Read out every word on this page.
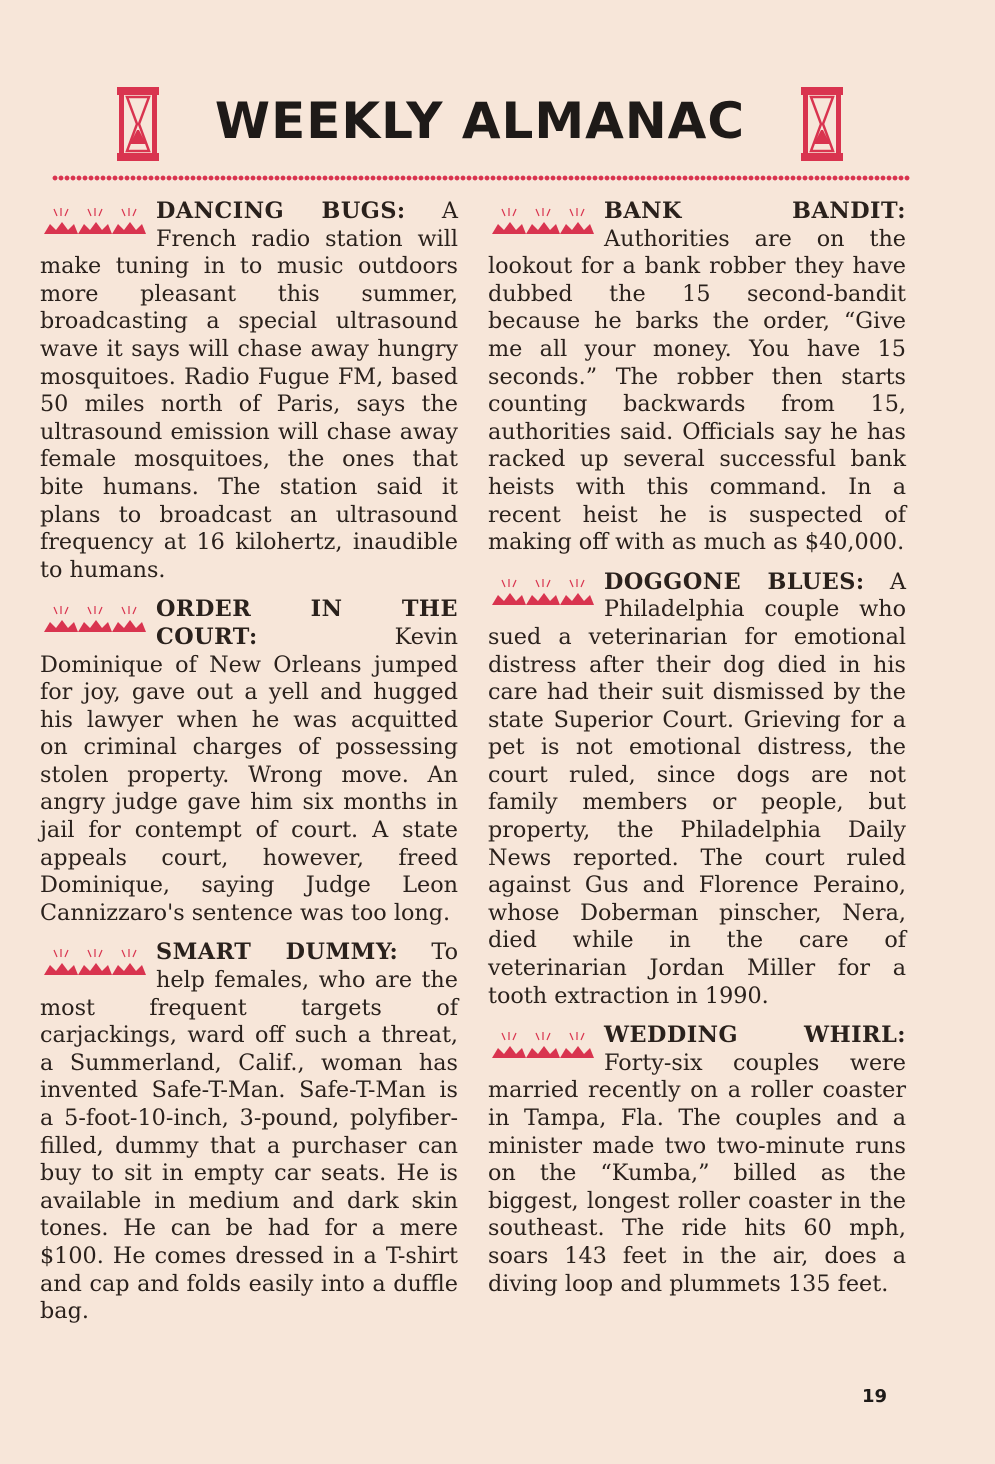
WEEKLY ALMANAC

DANCING BUGS: A French radio station will make tuning in to music outdoors more pleasant this summer, broadcasting a special ultrasound wave it says will chase away hungry mosquitoes. Radio Fugue FM, based 50 miles north of Paris, says the ultrasound emission will chase away female mosquitoes, the ones that bite humans. The station said it plans to broadcast an ultrasound frequency at 16 kilohertz, inaudible to humans.

ORDER IN THE COURT: Kevin Dominique of New Orleans jumped for joy, gave out a yell and hugged his lawyer when he was acquitted on criminal charges of possessing stolen property. Wrong move. An angry judge gave him six months in jail for contempt of court. A state appeals court, however, freed Dominique, saying Judge Leon Cannizzaro's sentence was too long.

SMART DUMMY: To help females, who are the most frequent targets of carjackings, ward off such a threat, a Summerland, Calif., woman has invented Safe-T-Man. Safe-T-Man is a 5-foot-10-inch, 3-pound, polyfiber-filled, dummy that a purchaser can buy to sit in empty car seats. He is available in medium and dark skin tones. He can be had for a mere $100. He comes dressed in a T-shirt and cap and folds easily into a duffle bag.

BANK BANDIT: Authorities are on the lookout for a bank robber they have dubbed the 15 second-bandit because he barks the order, “Give me all your money. You have 15 seconds.” The robber then starts counting backwards from 15, authorities said. Officials say he has racked up several successful bank heists with this command. In a recent heist he is suspected of making off with as much as $40,000.

DOGGONE BLUES: A Philadelphia couple who sued a veterinarian for emotional distress after their dog died in his care had their suit dismissed by the state Superior Court. Grieving for a pet is not emotional distress, the court ruled, since dogs are not family members or people, but property, the Philadelphia Daily News reported. The court ruled against Gus and Florence Peraino, whose Doberman pinscher, Nera, died while in the care of veterinarian Jordan Miller for a tooth extraction in 1990.

WEDDING WHIRL: Forty-six couples were married recently on a roller coaster in Tampa, Fla. The couples and a minister made two two-minute runs on the “Kumba,” billed as the biggest, longest roller coaster in the southeast. The ride hits 60 mph, soars 143 feet in the air, does a diving loop and plummets 135 feet.

19
